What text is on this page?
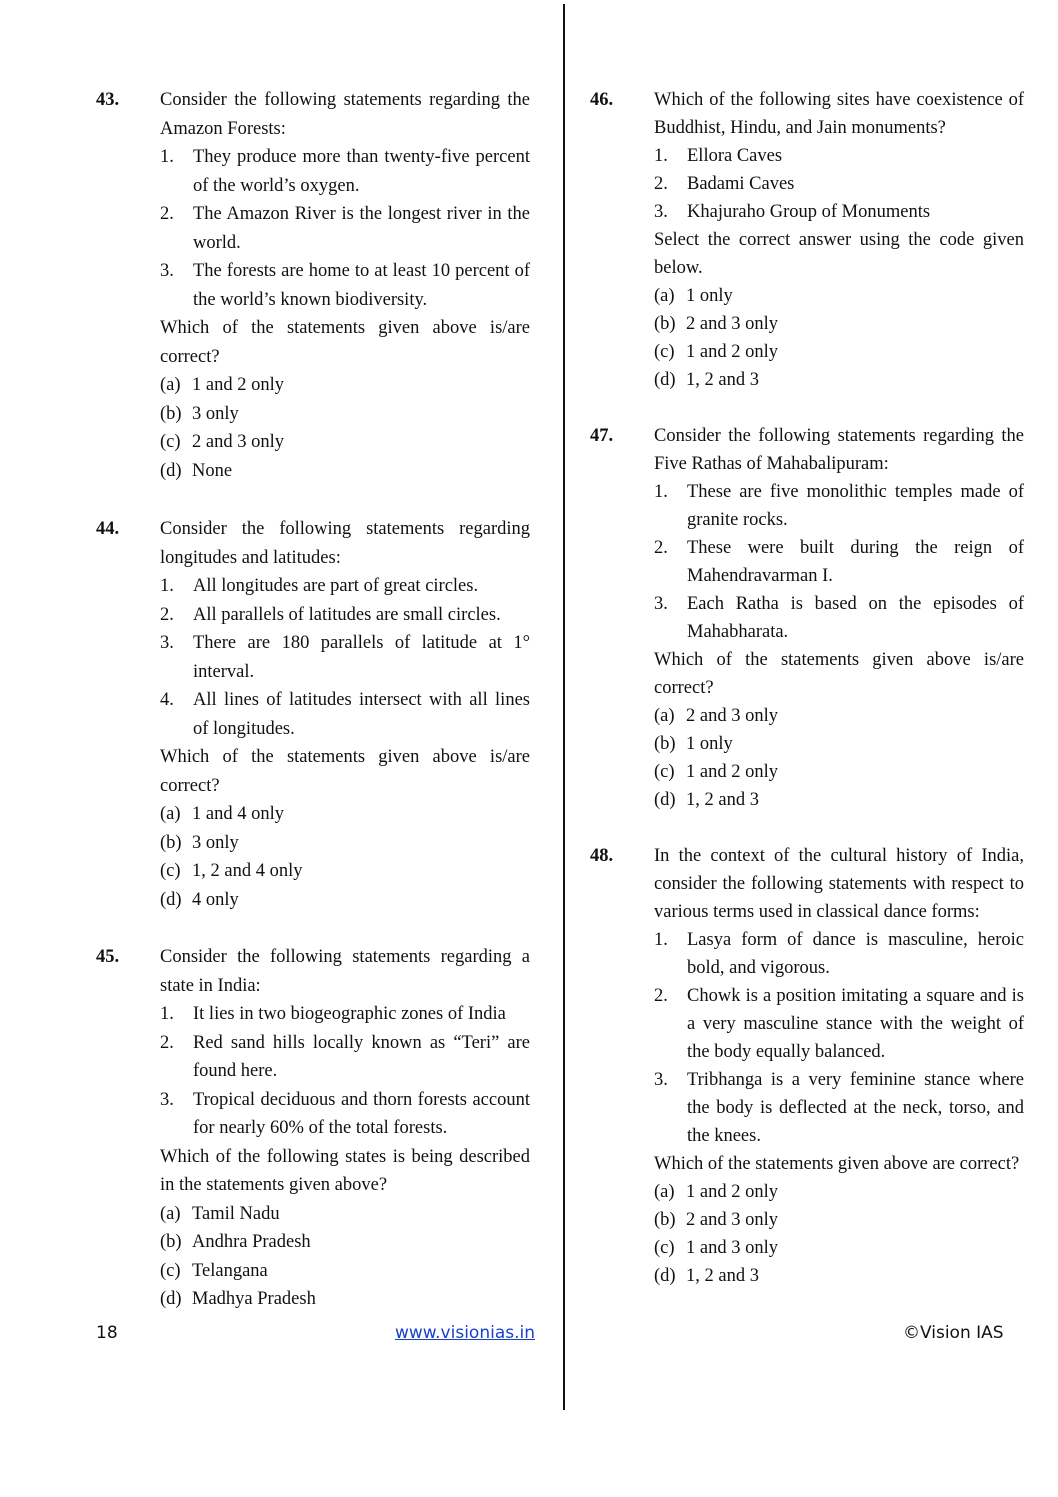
43. Consider the following statements regarding the Amazon Forests:
1. They produce more than twenty-five percent of the world’s oxygen.
2. The Amazon River is the longest river in the world.
3. The forests are home to at least 10 percent of the world’s known biodiversity.
Which of the statements given above is/are correct?
(a) 1 and 2 only
(b) 3 only
(c) 2 and 3 only
(d) None
44. Consider the following statements regarding longitudes and latitudes:
1. All longitudes are part of great circles.
2. All parallels of latitudes are small circles.
3. There are 180 parallels of latitude at 1° interval.
4. All lines of latitudes intersect with all lines of longitudes.
Which of the statements given above is/are correct?
(a) 1 and 4 only
(b) 3 only
(c) 1, 2 and 4 only
(d) 4 only
45. Consider the following statements regarding a state in India:
1. It lies in two biogeographic zones of India
2. Red sand hills locally known as “Teri” are found here.
3. Tropical deciduous and thorn forests account for nearly 60% of the total forests.
Which of the following states is being described in the statements given above?
(a) Tamil Nadu
(b) Andhra Pradesh
(c) Telangana
(d) Madhya Pradesh
46. Which of the following sites have coexistence of Buddhist, Hindu, and Jain monuments?
1. Ellora Caves
2. Badami Caves
3. Khajuraho Group of Monuments
Select the correct answer using the code given below.
(a) 1 only
(b) 2 and 3 only
(c) 1 and 2 only
(d) 1, 2 and 3
47. Consider the following statements regarding the Five Rathas of Mahabalipuram:
1. These are five monolithic temples made of granite rocks.
2. These were built during the reign of Mahendravarman I.
3. Each Ratha is based on the episodes of Mahabharata.
Which of the statements given above is/are correct?
(a) 2 and 3 only
(b) 1 only
(c) 1 and 2 only
(d) 1, 2 and 3
48. In the context of the cultural history of India, consider the following statements with respect to various terms used in classical dance forms:
1. Lasya form of dance is masculine, heroic bold, and vigorous.
2. Chowk is a position imitating a square and is a very masculine stance with the weight of the body equally balanced.
3. Tribhanga is a very feminine stance where the body is deflected at the neck, torso, and the knees.
Which of the statements given above are correct?
(a) 1 and 2 only
(b) 2 and 3 only
(c) 1 and 3 only
(d) 1, 2 and 3
18	www.visionias.in	©Vision IAS
